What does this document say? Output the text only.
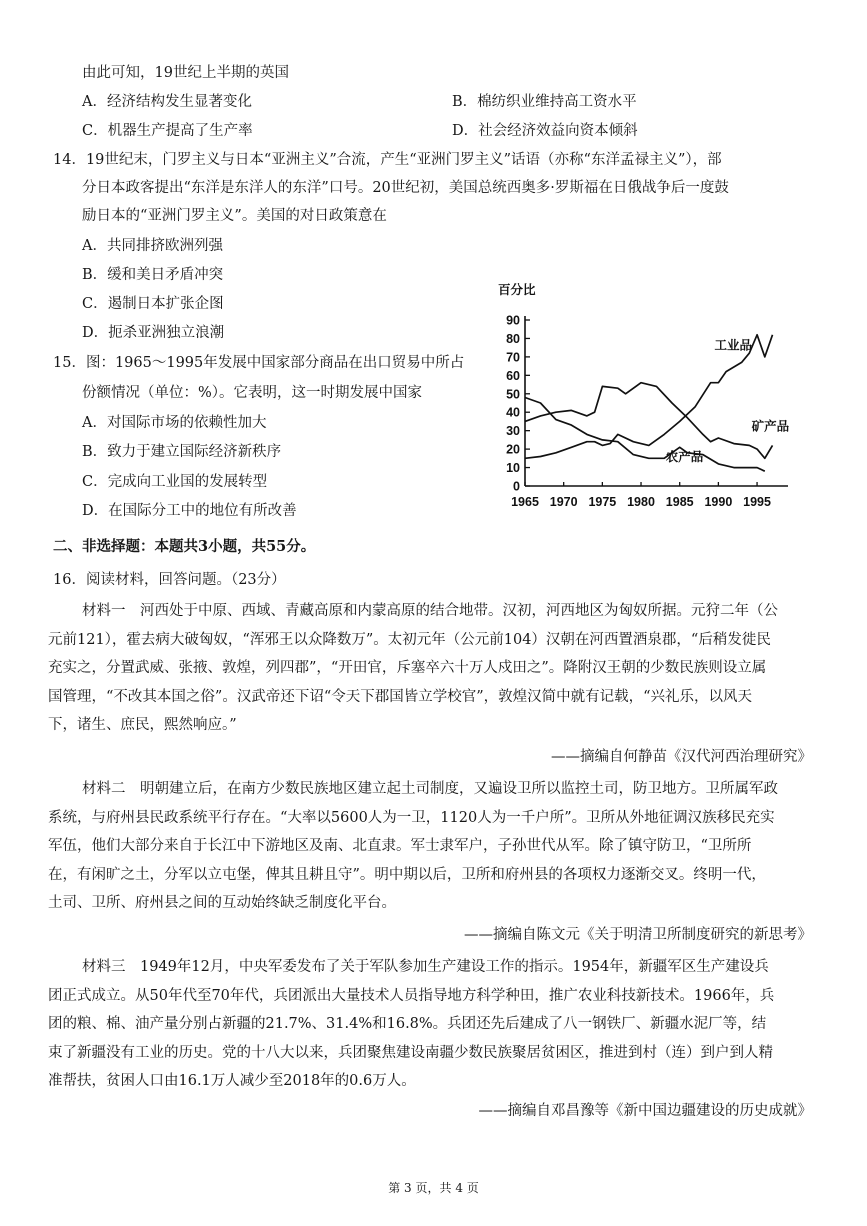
由此可知，19世纪上半期的英国
A．经济结构发生显著变化	B．棉纺织业维持高工资水平
C．机器生产提高了生产率	D．社会经济效益向资本倾斜
14．19世纪末，门罗主义与日本“亚洲主义”合流，产生“亚洲门罗主义”话语（亦称“东洋孟禄主义”），部
分日本政客提出“东洋是东洋人的东洋”口号。20世纪初，美国总统西奥多·罗斯福在日俄战争后一度鼓
励日本的“亚洲门罗主义”。美国的对日政策意在
A．共同排挤欧洲列强
B．缓和美日矛盾冲突
C．遏制日本扩张企图
D．扼杀亚洲独立浪潮
15．图：1965～1995年发展中国家部分商品在出口贸易中所占
份额情况（单位：%）。它表明，这一时期发展中国家
A．对国际市场的依赖性加大
B．致力于建立国际经济新秩序
C．完成向工业国的发展转型
D．在国际分工中的地位有所改善
百分比
0
10
20
30
40
50
60
70
80
90
1965 1970 1975 1980 1985 1990 1995
工业品
矿产品
农产品
二、非选择题：本题共3小题，共55分。
16．阅读材料，回答问题。（23分）
材料一　河西处于中原、西域、青藏高原和内蒙高原的结合地带。汉初，河西地区为匈奴所据。元狩二年（公元前121），霍去病大破匈奴，“浑邪王以众降数万”。太初元年（公元前104）汉朝在河西置酒泉郡，“后稍发徙民充实之，分置武威、张掖、敦煌，列四郡”，“开田官，斥塞卒六十万人戍田之”。降附汉王朝的少数民族则设立属国管理，“不改其本国之俗”。汉武帝还下诏“令天下郡国皆立学校官”，敦煌汉简中就有记载，“兴礼乐，以风天下，诸生、庶民，熙然响应。”
——摘编自何静苗《汉代河西治理研究》
材料二　明朝建立后，在南方少数民族地区建立起土司制度，又遍设卫所以监控土司，防卫地方。卫所属军政系统，与府州县民政系统平行存在。“大率以5600人为一卫，1120人为一千户所”。卫所从外地征调汉族移民充实军伍，他们大部分来自于长江中下游地区及南、北直隶。军士隶军户，子孙世代从军。除了镇守防卫，“卫所所在，有闲旷之土，分军以立屯堡，俾其且耕且守”。明中期以后，卫所和府州县的各项权力逐渐交叉。终明一代，土司、卫所、府州县之间的互动始终缺乏制度化平台。
——摘编自陈文元《关于明清卫所制度研究的新思考》
材料三　1949年12月，中央军委发布了关于军队参加生产建设工作的指示。1954年，新疆军区生产建设兵团正式成立。从50年代至70年代，兵团派出大量技术人员指导地方科学种田，推广农业科技新技术。1966年，兵团的粮、棉、油产量分别占新疆的21.7%、31.4%和16.8%。兵团还先后建成了八一钢铁厂、新疆水泥厂等，结束了新疆没有工业的历史。党的十八大以来，兵团聚焦建设南疆少数民族聚居贫困区，推进到村（连）到户到人精准帮扶，贫困人口由16.1万人减少至2018年的0.6万人。
——摘编自邓昌豫等《新中国边疆建设的历史成就》
第 3 页，共 4 页
